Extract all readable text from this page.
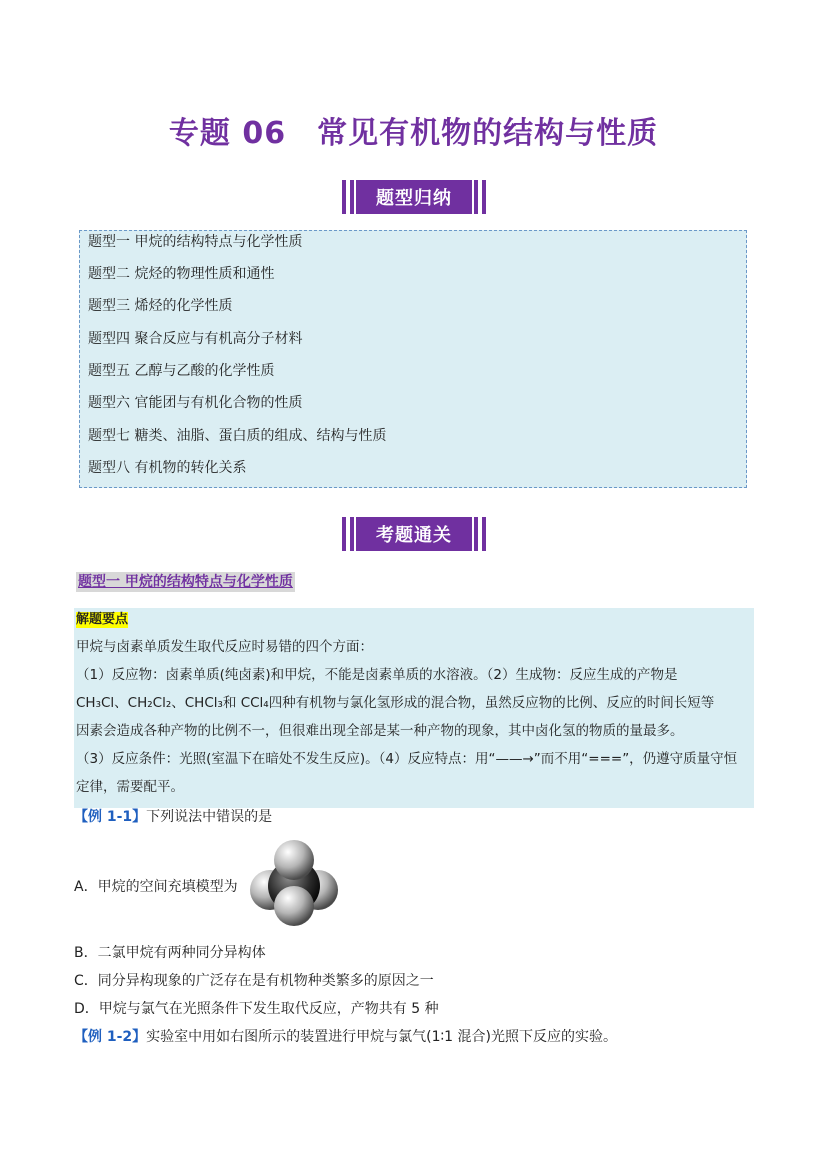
专题 06　常见有机物的结构与性质
题型归纳
题型一 甲烷的结构特点与化学性质
题型二 烷烃的物理性质和通性
题型三 烯烃的化学性质
题型四 聚合反应与有机高分子材料
题型五 乙醇与乙酸的化学性质
题型六 官能团与有机化合物的性质
题型七 糖类、油脂、蛋白质的组成、结构与性质
题型八 有机物的转化关系
考题通关
题型一 甲烷的结构特点与化学性质
解题要点
甲烷与卤素单质发生取代反应时易错的四个方面：
（1）反应物：卤素单质(纯卤素)和甲烷，不能是卤素单质的水溶液。（2）生成物：反应生成的产物是
CH₃Cl、CH₂Cl₂、CHCl₃和 CCl₄四种有机物与氯化氢形成的混合物，虽然反应物的比例、反应的时间长短等
因素会造成各种产物的比例不一，但很难出现全部是某一种产物的现象，其中卤化氢的物质的量最多。
（3）反应条件：光照(室温下在暗处不发生反应)。（4）反应特点：用“——→”而不用“===”，仍遵守质量守恒
定律，需要配平。
【例 1-1】下列说法中错误的是
A．甲烷的空间充填模型为
B．二氯甲烷有两种同分异构体
C．同分异构现象的广泛存在是有机物种类繁多的原因之一
D．甲烷与氯气在光照条件下发生取代反应，产物共有 5 种
【例 1-2】实验室中用如右图所示的装置进行甲烷与氯气(1∶1 混合)光照下反应的实验。
